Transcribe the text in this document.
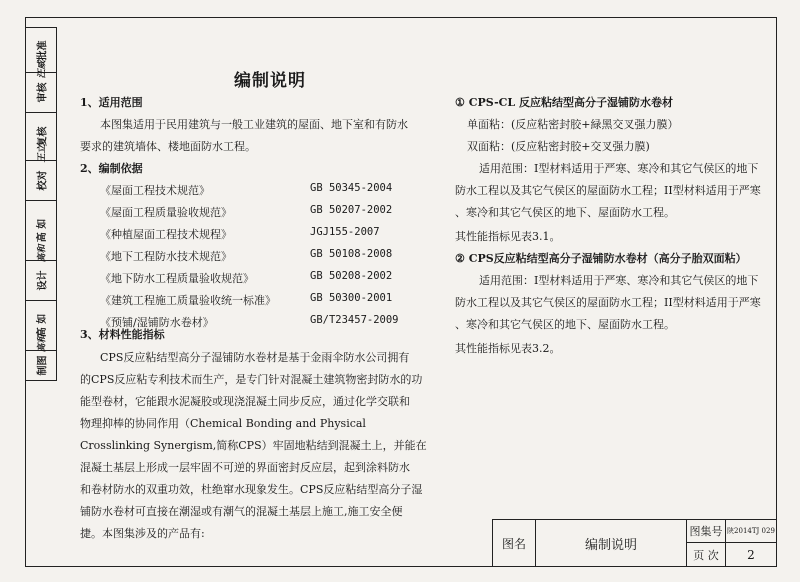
批准
审核
复核
校对
高 如
设计
高 如
制图
汪威
王立
高和
高和
编制说明
1、适用范围
本图集适用于民用建筑与一般工业建筑的屋面、地下室和有防水
要求的建筑墙体、楼地面防水工程。
2、编制依据
《屋面工程技术规范》	GB 50345-2004
《屋面工程质量验收规范》	GB 50207-2002
《种植屋面工程技术规程》	JGJ155-2007
《地下工程防水技术规范》	GB 50108-2008
《地下防水工程质量验收规范》	GB 50208-2002
《建筑工程施工质量验收统一标准》	GB 50300-2001
《预铺/湿铺防水卷材》	GB/T23457-2009
3、材料性能指标
CPS反应粘结型高分子湿铺防水卷材是基于金雨伞防水公司拥有
的CPS反应粘专利技术而生产，是专门针对混凝土建筑物密封防水的功
能型卷材，它能跟水泥凝胶或现浇混凝土同步反应，通过化学交联和
物理抑棒的协同作用（Chemical Bonding and Physical
Crosslinking Synergism,简称CPS）牢固地粘结到混凝土上，并能在
混凝土基层上形成一层牢固不可逆的界面密封反应层，起到涂料防水
和卷材防水的双重功效，杜绝窜水现象发生。CPS反应粘结型高分子湿
铺防水卷材可直接在潮湿或有潮气的混凝土基层上施工,施工安全便
捷。本图集涉及的产品有:
① CPS-CL 反应粘结型高分子湿铺防水卷材
单面粘：(反应粘密封胶+緑黑交叉强力膜）
双面粘：(反应粘密封胶+交叉强力膜)
适用范围：I型材料适用于严寒、寒冷和其它气侯区的地下
防水工程以及其它气侯区的屋面防水工程；II型材料适用于严寒
、寒冷和其它气侯区的地下、屋面防水工程。
其性能指标见表3.1。
② CPS反应粘结型高分子湿铺防水卷材（高分子胎双面粘）
适用范围：I型材料适用于严寒、寒冷和其它气侯区的地下
防水工程以及其它气侯区的屋面防水工程；II型材料适用于严寒
、寒冷和其它气侯区的地下、屋面防水工程。
其性能指标见表3.2。
图名	编制说明
图集号 陕2014TJ 029
页 次 2
